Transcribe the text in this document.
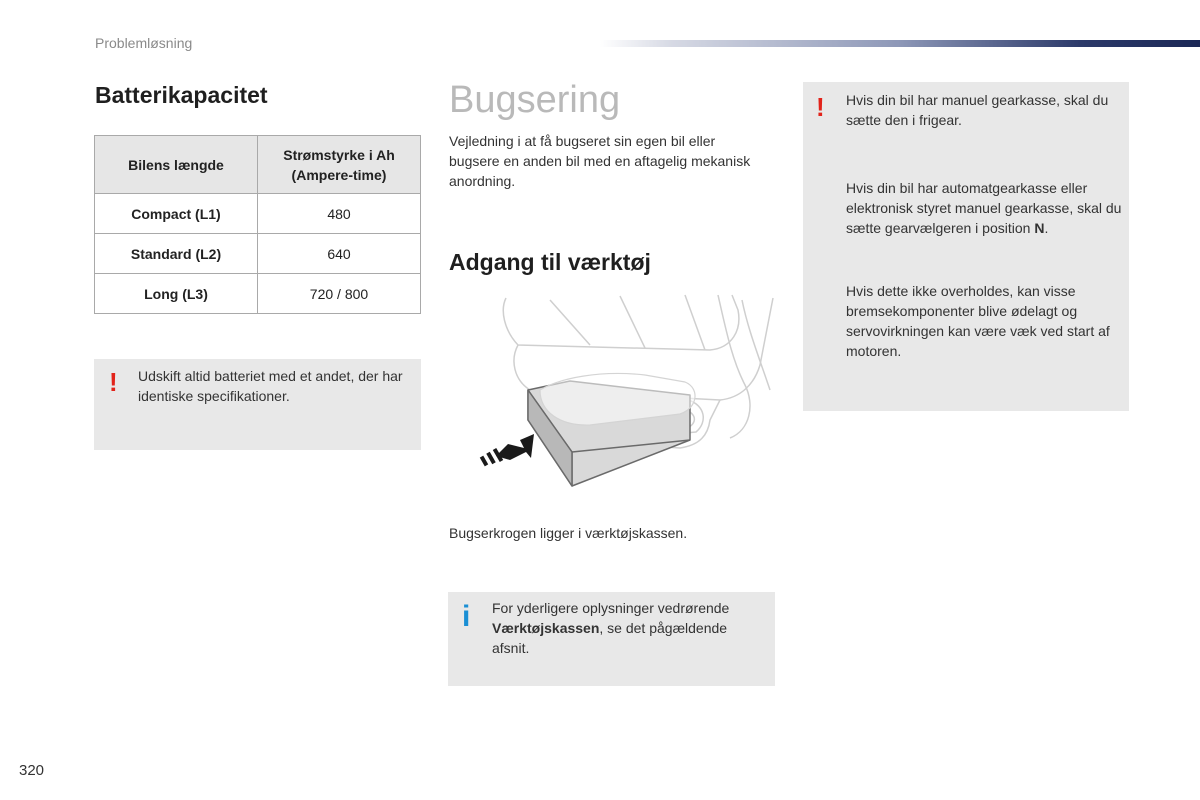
Problemløsning
Batterikapacitet
Bilens længde	Strømstyrke i Ah
(Ampere-time)
Compact (L1)	480
Standard (L2)	640
Long (L3)	720 / 800
! Udskift altid batteriet med et andet, der har identiske specifikationer.
Bugsering
Vejledning i at få bugseret sin egen bil eller bugsere en anden bil med en aftagelig mekanisk anordning.
Adgang til værktøj
Bugserkrogen ligger i værktøjskassen.
i For yderligere oplysninger vedrørende Værktøjskassen, se det pågældende afsnit.
! Hvis din bil har manuel gearkasse, skal du sætte den i frigear.
Hvis din bil har automatgearkasse eller elektronisk styret manuel gearkasse, skal du sætte gearvælgeren i position N.
Hvis dette ikke overholdes, kan visse bremsekomponenter blive ødelagt og servovirkningen kan være væk ved start af motoren.
320
